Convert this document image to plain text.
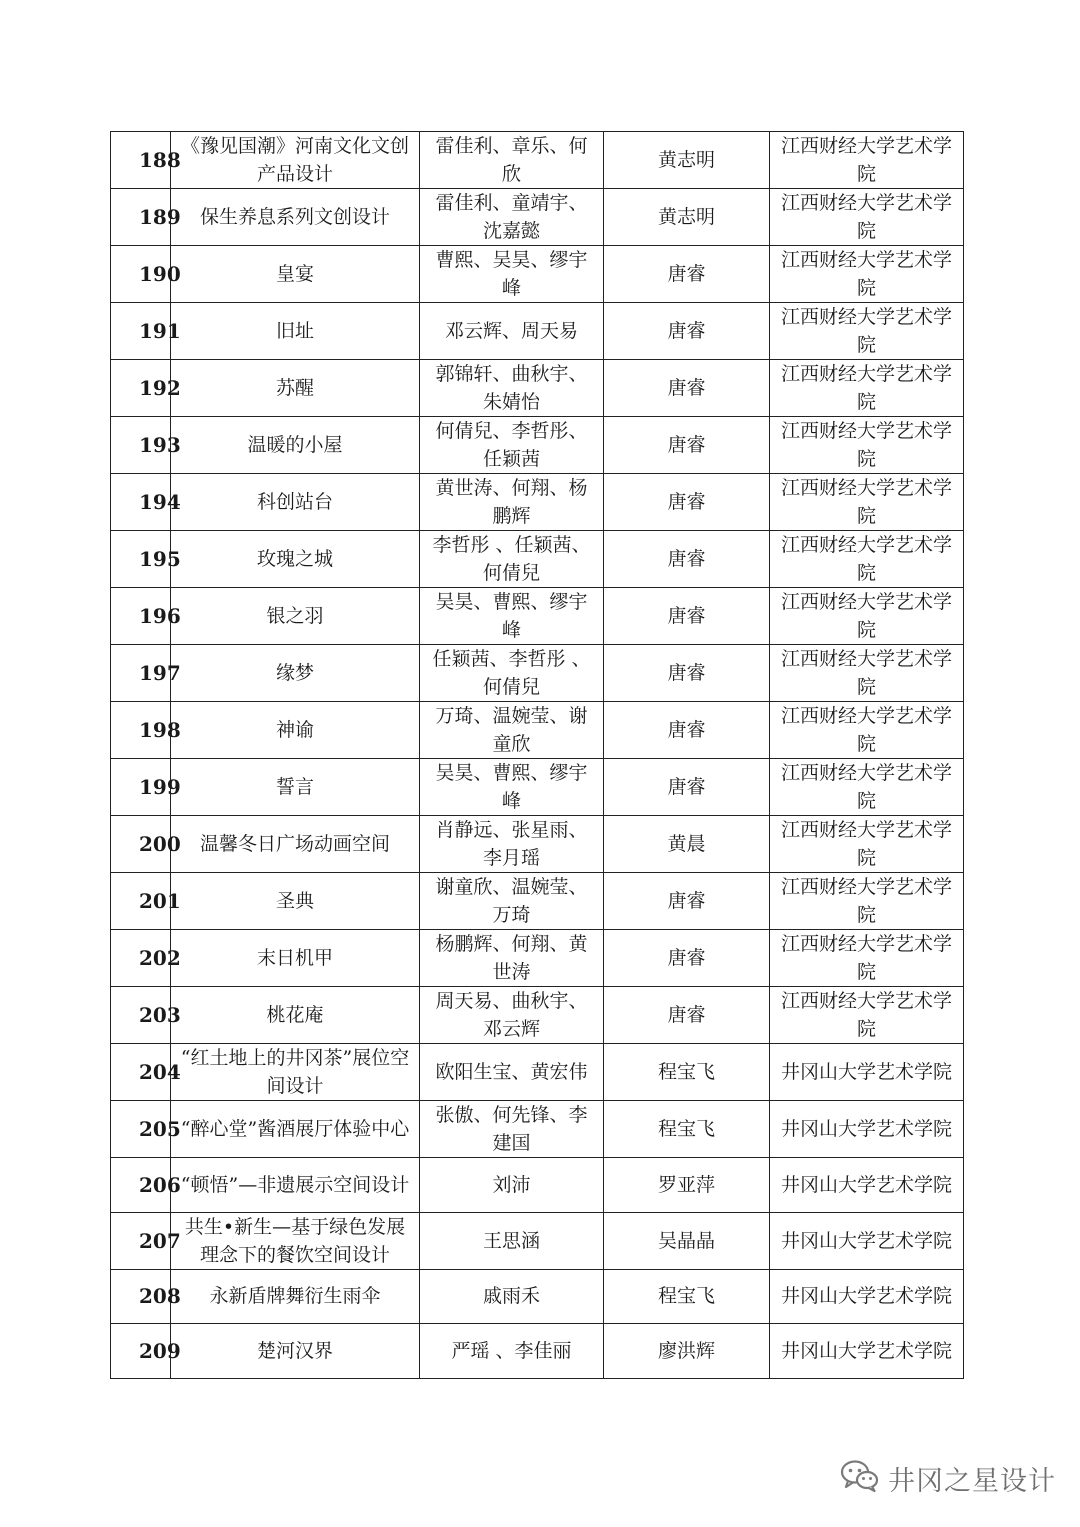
188	《豫见国潮》河南文化文创产品设计	雷佳利、章乐、何欣	黄志明	江西财经大学艺术学院
189	保生养息系列文创设计	雷佳利、童靖宇、沈嘉懿	黄志明	江西财经大学艺术学院
190	皇宴	曹熙、吴昊、缪宇峰	唐睿	江西财经大学艺术学院
191	旧址	邓云辉、周天易	唐睿	江西财经大学艺术学院
192	苏醒	郭锦轩、曲秋宇、朱婧怡	唐睿	江西财经大学艺术学院
193	温暖的小屋	何倩兒、李哲彤、任颖茜	唐睿	江西财经大学艺术学院
194	科创站台	黄世涛、何翔、杨鹏辉	唐睿	江西财经大学艺术学院
195	玫瑰之城	李哲彤 、任颖茜、何倩兒	唐睿	江西财经大学艺术学院
196	银之羽	吴昊、曹熙、缪宇峰	唐睿	江西财经大学艺术学院
197	缘梦	任颖茜、李哲彤 、何倩兒	唐睿	江西财经大学艺术学院
198	神谕	万琦、温婉莹、谢童欣	唐睿	江西财经大学艺术学院
199	誓言	吴昊、曹熙、缪宇峰	唐睿	江西财经大学艺术学院
200	温馨冬日广场动画空间	肖静远、张星雨、李月瑶	黄晨	江西财经大学艺术学院
201	圣典	谢童欣、温婉莹、万琦	唐睿	江西财经大学艺术学院
202	末日机甲	杨鹏辉、何翔、黄世涛	唐睿	江西财经大学艺术学院
203	桃花庵	周天易、曲秋宇、邓云辉	唐睿	江西财经大学艺术学院
204	“红土地上的井冈茶”展位空间设计	欧阳生宝、黄宏伟	程宝飞	井冈山大学艺术学院
205	“醉心堂”酱酒展厅体验中心	张傲、何先锋、李建国	程宝飞	井冈山大学艺术学院
206	“顿悟”—非遗展示空间设计	刘沛	罗亚萍	井冈山大学艺术学院
207	共生•新生—基于绿色发展理念下的餐饮空间设计	王思涵	吴晶晶	井冈山大学艺术学院
208	永新盾牌舞衍生雨伞	戚雨禾	程宝飞	井冈山大学艺术学院
209	楚河汉界	严瑶 、李佳丽	廖洪辉	井冈山大学艺术学院
井冈之星设计
